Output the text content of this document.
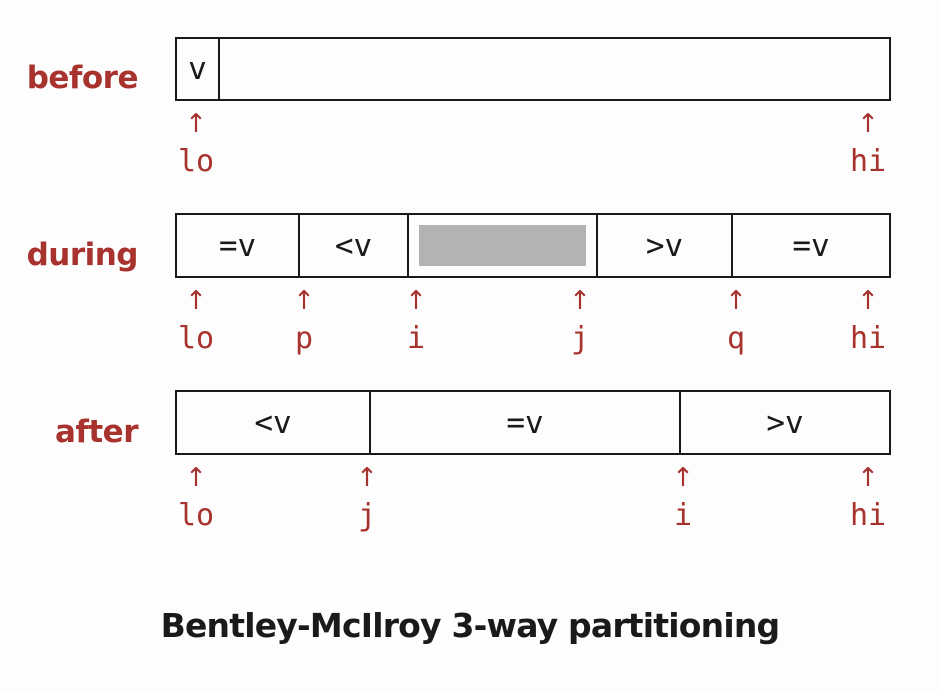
before	v
↑
lo
↑
hi
during	=v	<v	>v	=v
↑
lo
↑
p
↑
i
↑
j
↑
q
↑
hi
after	<v	=v	>v
↑
lo
↑
j
↑
i
↑
hi
Bentley-McIlroy 3-way partitioning
